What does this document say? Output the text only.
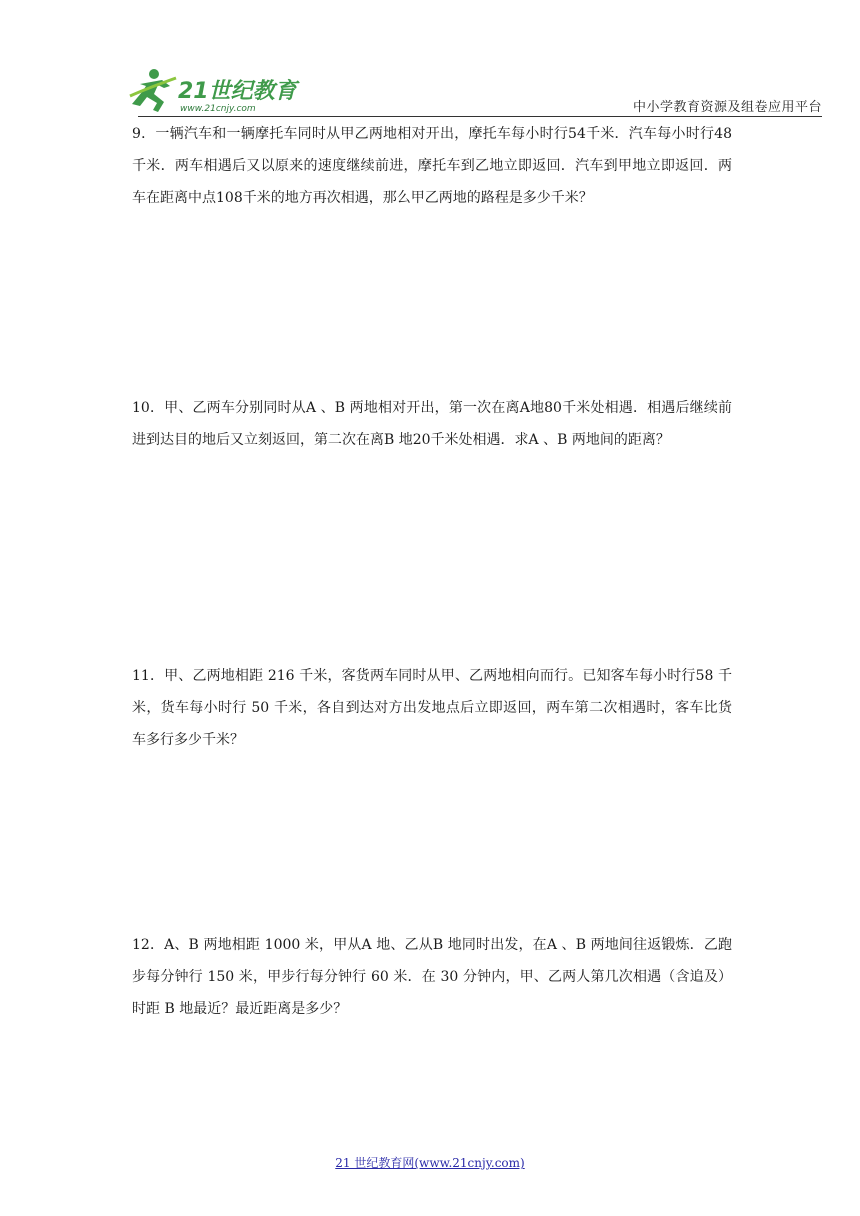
21世纪教育
www.21cnjy.com	中小学教育资源及组卷应用平台
9．一辆汽车和一辆摩托车同时从甲乙两地相对开出，摩托车每小时行54千米．汽车每小时行48千米．两车相遇后又以原来的速度继续前进，摩托车到乙地立即返回．汽车到甲地立即返回．两车在距离中点108千米的地方再次相遇，那么甲乙两地的路程是多少千米？
10．甲、乙两车分别同时从A 、B 两地相对开出，第一次在离A地80千米处相遇．相遇后继续前进到达目的地后又立刻返回，第二次在离B 地20千米处相遇．求A 、B 两地间的距离？
11．甲、乙两地相距 216 千米，客货两车同时从甲、乙两地相向而行。已知客车每小时行58 千米，货车每小时行 50 千米，各自到达对方出发地点后立即返回，两车第二次相遇时，客车比货车多行多少千米？
12．A、B 两地相距 1000 米，甲从A 地、乙从B 地同时出发，在A 、B 两地间往返锻炼．乙跑步每分钟行 150 米，甲步行每分钟行 60 米．在 30 分钟内，甲、乙两人第几次相遇（含追及）时距 B 地最近？最近距离是多少？
21 世纪教育网(www.21cnjy.com)
